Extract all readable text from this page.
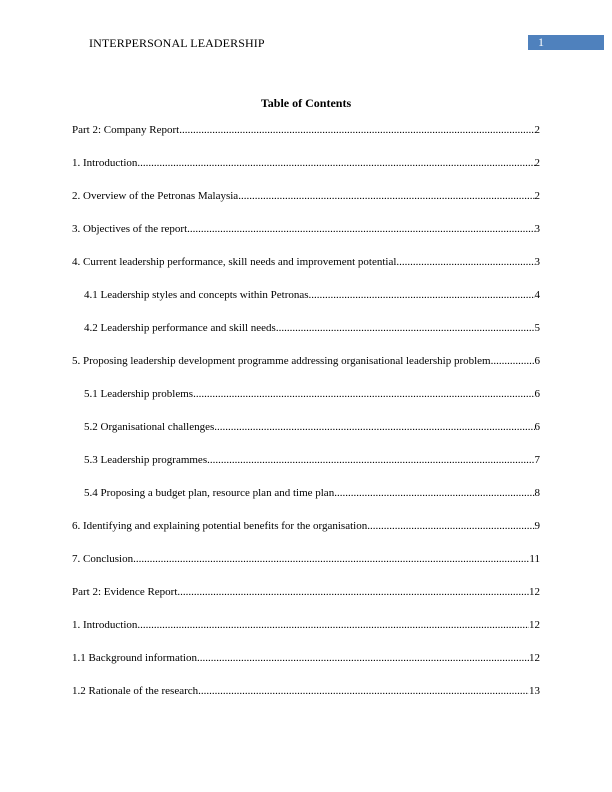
INTERPERSONAL LEADERSHIP	1
Table of Contents
Part 2: Company Report .....	2
1. Introduction .....	2
2. Overview of the Petronas Malaysia .....	2
3. Objectives of the report .....	3
4. Current leadership performance, skill needs and improvement potential .....	3
4.1 Leadership styles and concepts within Petronas .....	4
4.2 Leadership performance and skill needs .....	5
5. Proposing leadership development programme addressing organisational leadership problem .....	6
5.1 Leadership problems .....	6
5.2 Organisational challenges .....	6
5.3 Leadership programmes .....	7
5.4 Proposing a budget plan, resource plan and time plan .....	8
6. Identifying and explaining potential benefits for the organisation .....	9
7. Conclusion .....	11
Part 2: Evidence Report .....	12
1. Introduction .....	12
1.1 Background information .....	12
1.2 Rationale of the research .....	13
